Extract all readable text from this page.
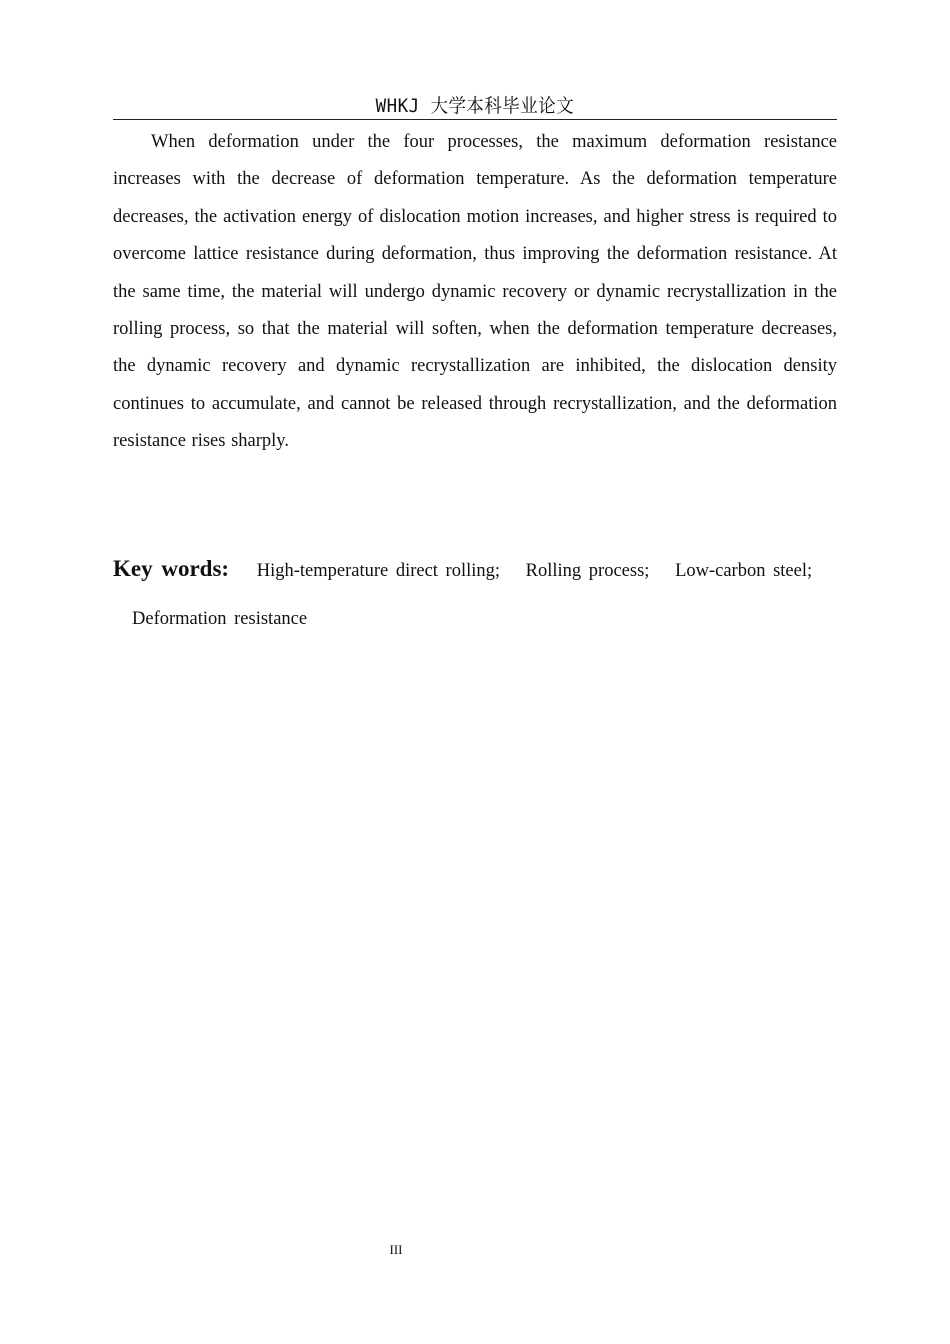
WHKJ 大学本科毕业论文

When deformation under the four processes, the maximum deformation resistance increases with the decrease of deformation temperature. As the deformation temperature decreases, the activation energy of dislocation motion increases, and higher stress is required to overcome lattice resistance during deformation, thus improving the deformation resistance. At the same time, the material will undergo dynamic recovery or dynamic recrystallization in the rolling process, so that the material will soften, when the deformation temperature decreases, the dynamic recovery and dynamic recrystallization are inhibited, the dislocation density continues to accumulate, and cannot be released through recrystallization, and the deformation resistance rises sharply.

Key words: High-temperature direct rolling; Rolling process; Low-carbon steel;
Deformation resistance
III
